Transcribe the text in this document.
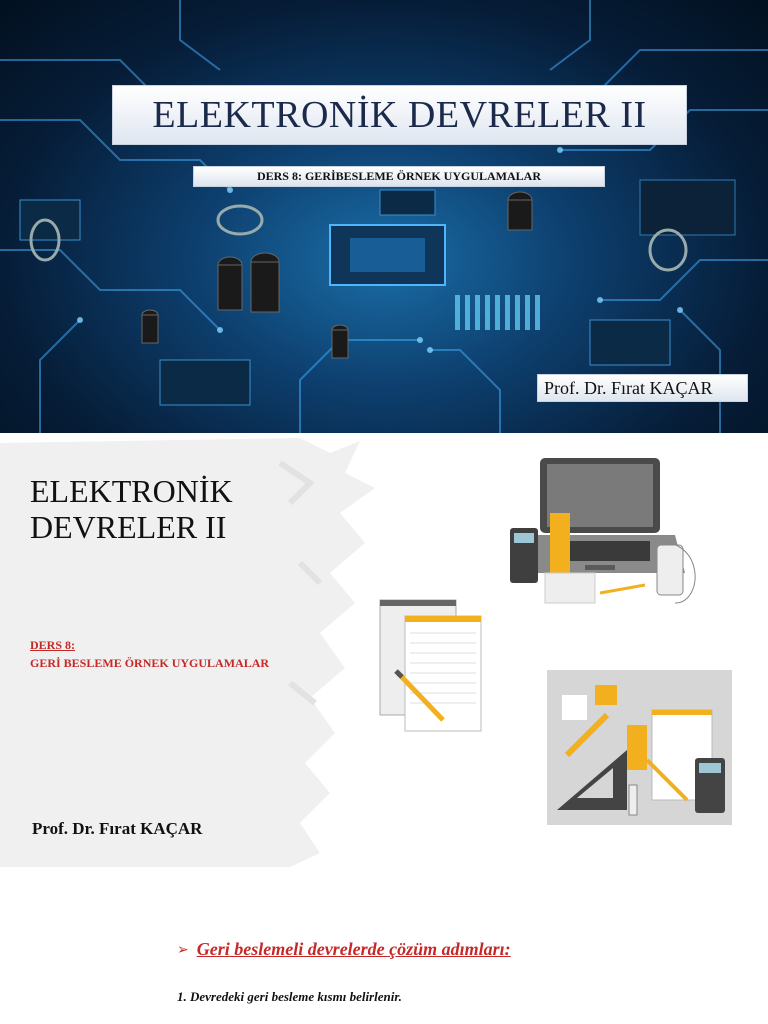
ELEKTRONİK DEVRELER II
DERS 8: GERİBESLEME ÖRNEK UYGULAMALAR
Prof. Dr. Fırat KAÇAR
ELEKTRONİK
DEVRELER II
DERS 8:
GERİ BESLEME ÖRNEK UYGULAMALAR
Prof. Dr. Fırat KAÇAR
➢ Geri beslemeli devrelerde çözüm adımları:
1. Devredeki geri besleme kısmı belirlenir.
